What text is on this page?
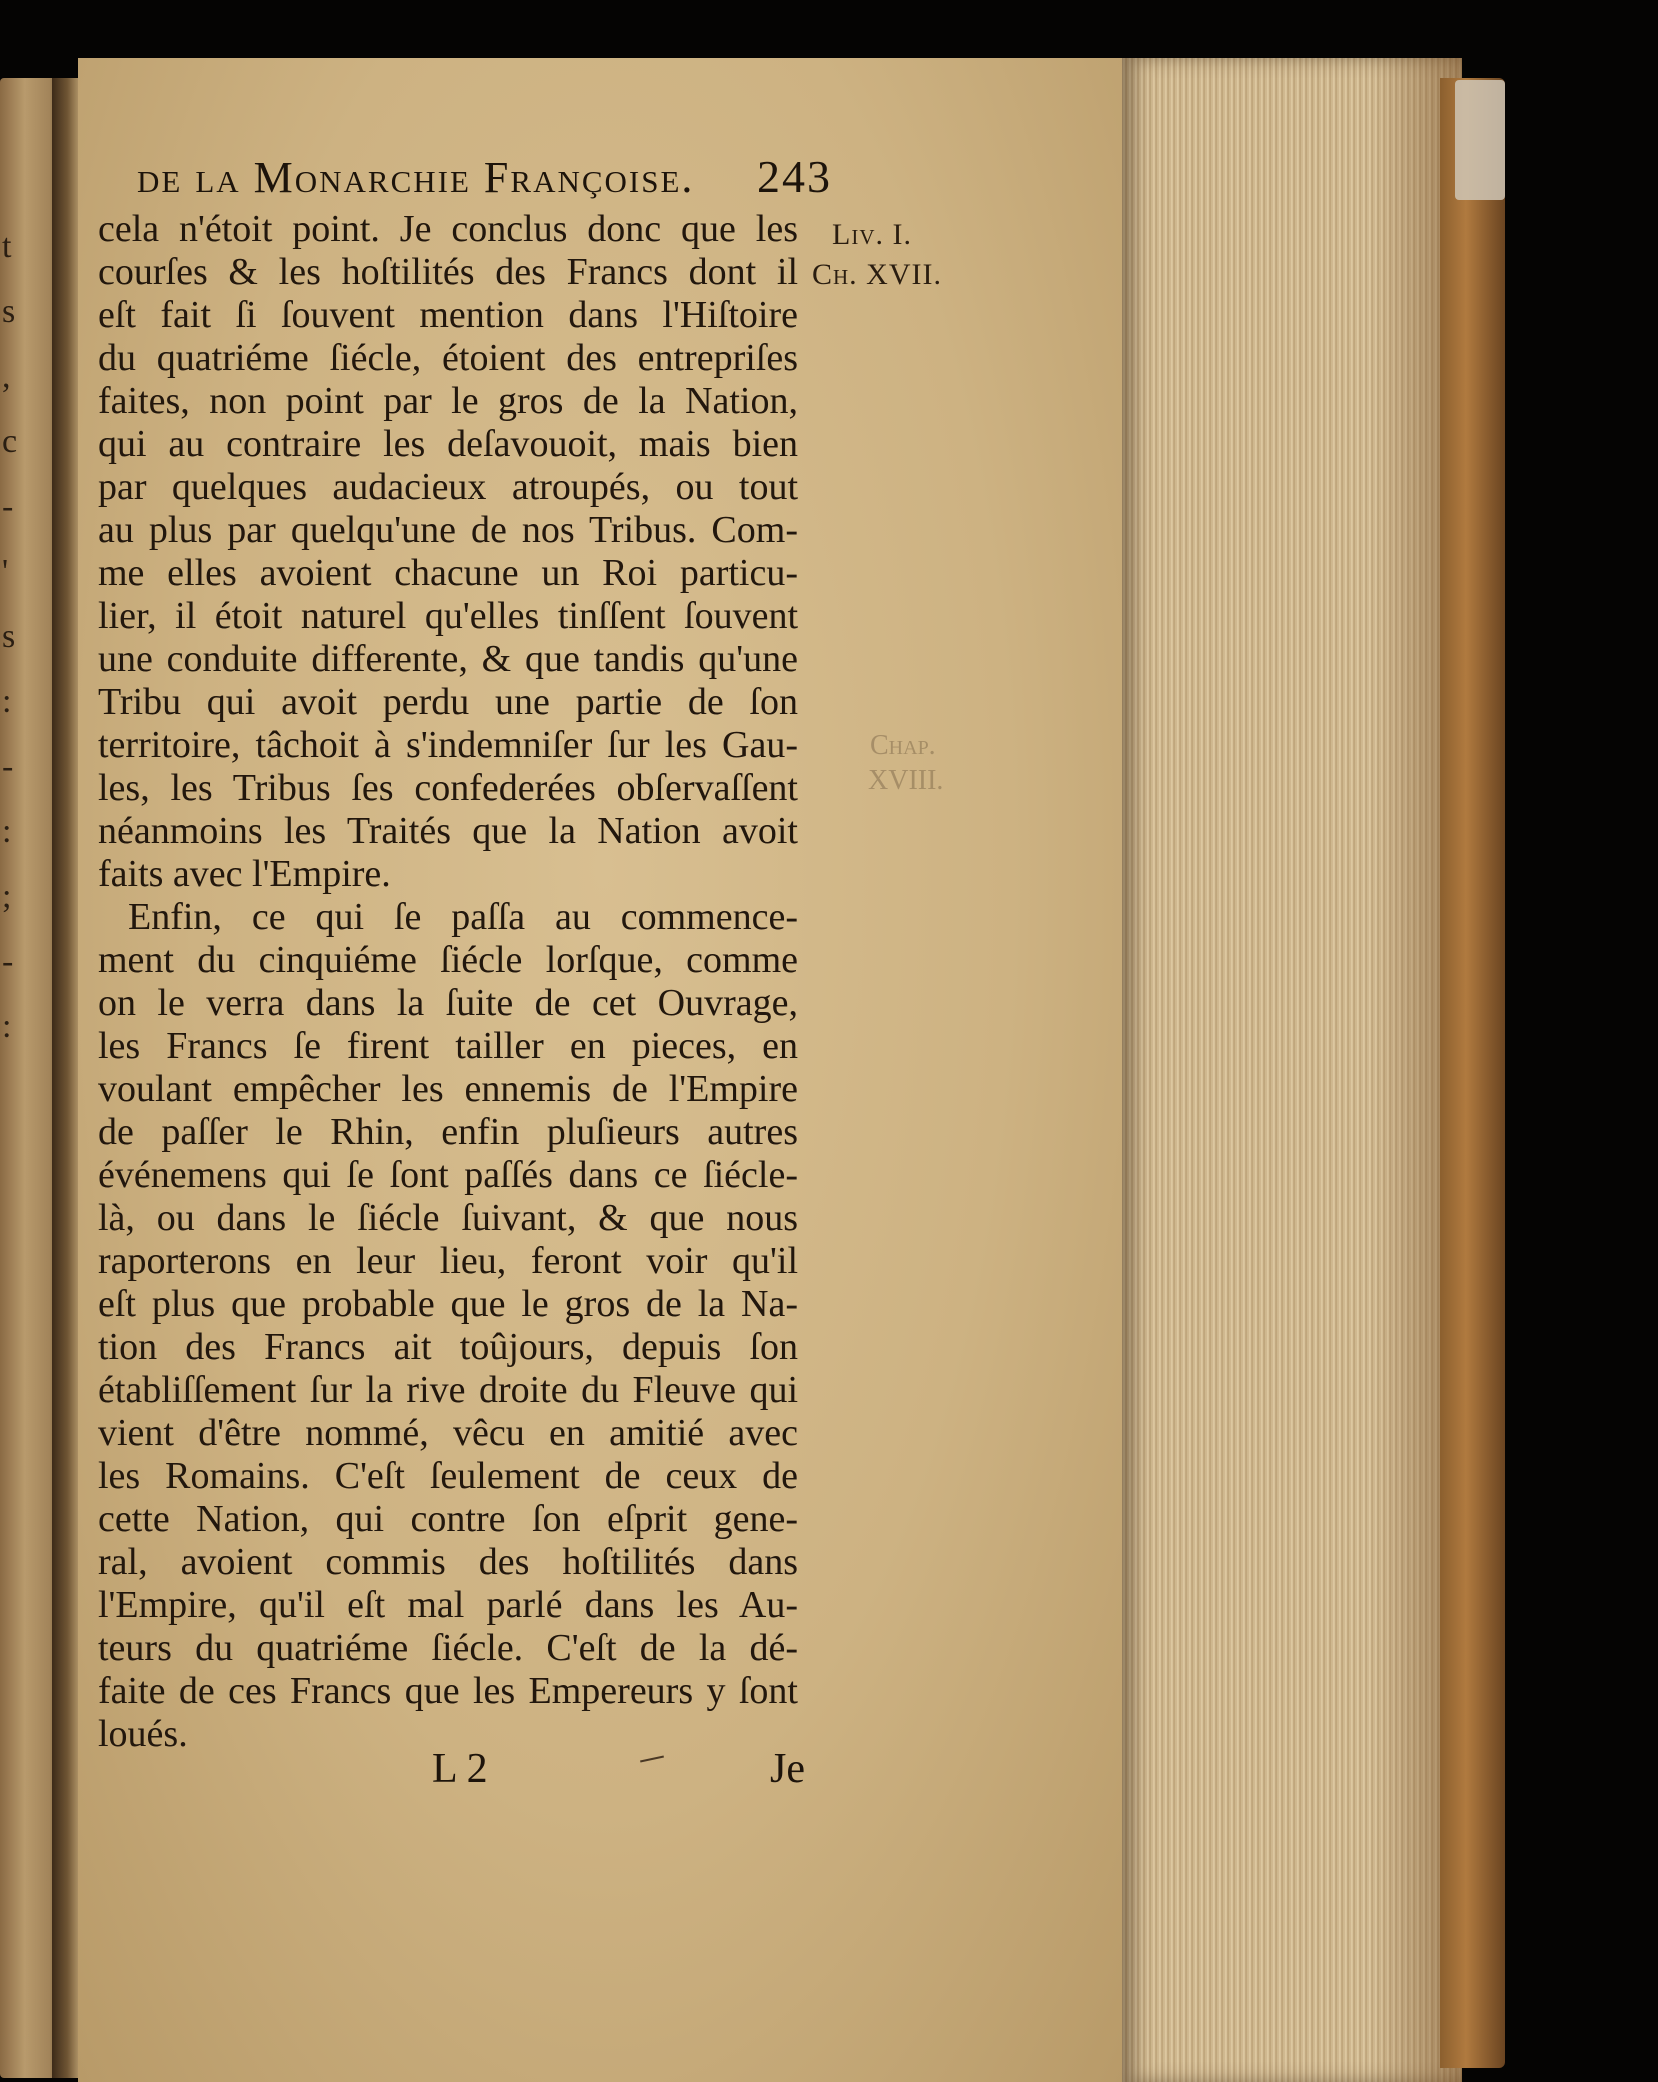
t
s
,
c
-
'
s
:
-
:
;
-
:
de la Monarchie Françoise. 243
Liv. I.
Ch. XVII.
Chap.
XVIII.
cela n'étoit point. Je conclus donc que les
courſes & les hoſtilités des Francs dont il
eſt fait ſi ſouvent mention dans l'Hiſtoire
du quatriéme ſiécle, étoient des entrepriſes
faites, non point par le gros de la Nation,
qui au contraire les deſavouoit, mais bien
par quelques audacieux atroupés, ou tout
au plus par quelqu'une de nos Tribus. Com-
me elles avoient chacune un Roi particu-
lier, il étoit naturel qu'elles tinſſent ſouvent
une conduite differente, & que tandis qu'une
Tribu qui avoit perdu une partie de ſon
territoire, tâchoit à s'indemniſer ſur les Gau-
les, les Tribus ſes confederées obſervaſſent
néanmoins les Traités que la Nation avoit
faits avec l'Empire.
Enfin, ce qui ſe paſſa au commence-
ment du cinquiéme ſiécle lorſque, comme
on le verra dans la ſuite de cet Ouvrage,
les Francs ſe firent tailler en pieces, en
voulant empêcher les ennemis de l'Empire
de paſſer le Rhin, enfin pluſieurs autres
événemens qui ſe ſont paſſés dans ce ſiécle-
là, ou dans le ſiécle ſuivant, & que nous
raporterons en leur lieu, feront voir qu'il
eſt plus que probable que le gros de la Na-
tion des Francs ait toûjours, depuis ſon
établiſſement ſur la rive droite du Fleuve qui
vient d'être nommé, vêcu en amitié avec
les Romains. C'eſt ſeulement de ceux de
cette Nation, qui contre ſon eſprit gene-
ral, avoient commis des hoſtilités dans
l'Empire, qu'il eſt mal parlé dans les Au-
teurs du quatriéme ſiécle. C'eſt de la dé-
faite de ces Francs que les Empereurs y ſont
loués.
L 2	Je
